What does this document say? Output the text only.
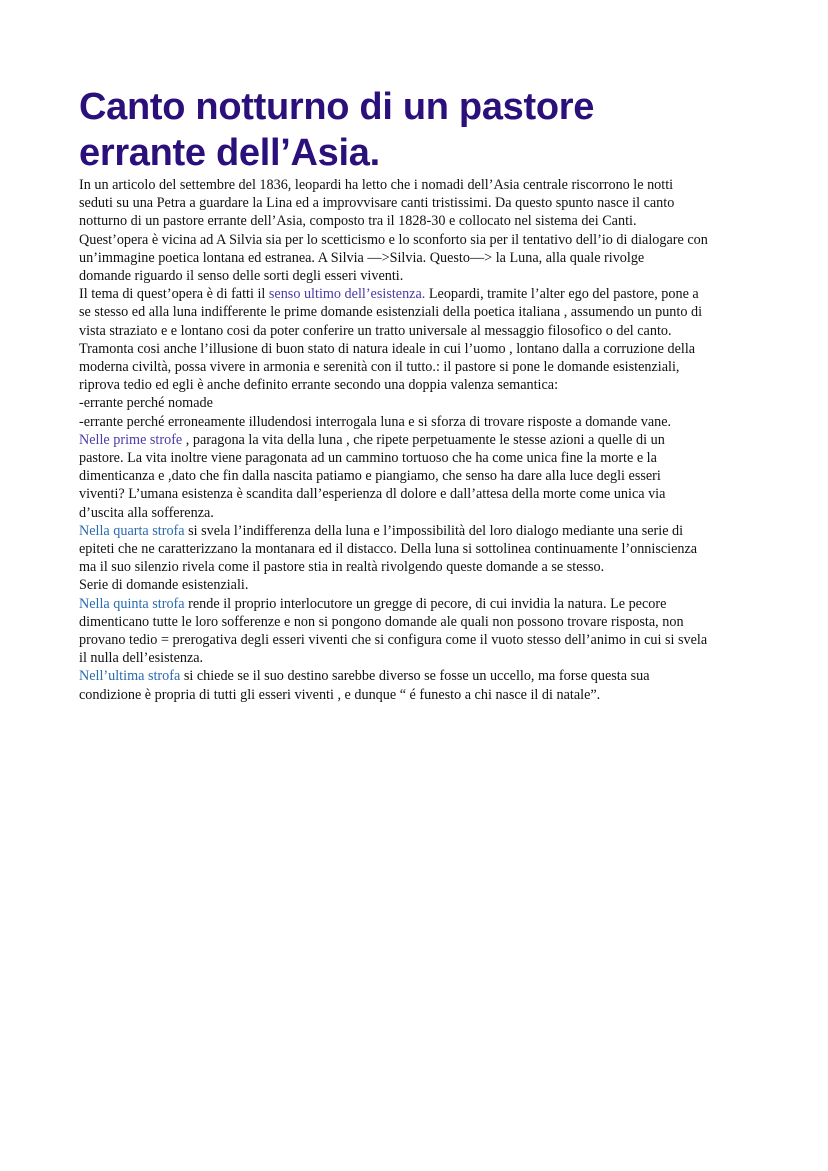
Canto notturno di un pastore
errante dell’Asia.
In un articolo del settembre del 1836, leopardi ha letto che i nomadi dell’Asia centrale riscorrono le notti
seduti su una Petra a guardare la Lina ed a improvvisare canti tristissimi. Da questo spunto nasce il canto
notturno di un pastore errante dell’Asia, composto tra il 1828-30 e collocato nel sistema dei Canti.
Quest’opera è vicina ad A Silvia sia per lo scetticismo e lo sconforto sia per il tentativo dell’io di dialogare con
un’immagine poetica lontana ed estranea. A Silvia —>Silvia. Questo—> la Luna, alla quale rivolge
domande riguardo il senso delle sorti degli esseri viventi.
Il tema di quest’opera è di fatti il senso ultimo dell’esistenza. Leopardi, tramite l’alter ego del pastore, pone a
se stesso ed alla luna indifferente le prime domande esistenziali della poetica italiana , assumendo un punto di
vista straziato e e lontano cosi da poter conferire un tratto universale al messaggio filosofico o del canto.
Tramonta cosi anche l’illusione di buon stato di natura ideale in cui l’uomo , lontano dalla a corruzione della
moderna civiltà, possa vivere in armonia e serenità con il tutto.: il pastore si pone le domande esistenziali,
riprova tedio ed egli è anche definito errante secondo una doppia valenza semantica:
-errante perché nomade
-errante perché erroneamente illudendosi interrogala luna e si sforza di trovare risposte a domande vane.
Nelle prime strofe , paragona la vita della luna , che ripete perpetuamente le stesse azioni a quelle di un
pastore. La vita inoltre viene paragonata ad un cammino tortuoso che ha come unica fine la morte e la
dimenticanza e ,dato che fin dalla nascita patiamo e piangiamo, che senso ha dare alla luce degli esseri
viventi? L’umana esistenza è scandita dall’esperienza dl dolore e dall’attesa della morte come unica via
d’uscita alla sofferenza.
Nella quarta strofa si svela l’indifferenza della luna e l’impossibilità del loro dialogo mediante una serie di
epiteti che ne caratterizzano la montanara ed il distacco. Della luna si sottolinea continuamente l’onniscienza
ma il suo silenzio rivela come il pastore stia in realtà rivolgendo queste domande a se stesso.
Serie di domande esistenziali.
Nella quinta strofa rende il proprio interlocutore un gregge di pecore, di cui invidia la natura. Le pecore
dimenticano tutte le loro sofferenze e non si pongono domande ale quali non possono trovare risposta, non
provano tedio = prerogativa degli esseri viventi che si configura come il vuoto stesso dell’animo in cui si svela
il nulla dell’esistenza.
Nell’ultima strofa si chiede se il suo destino sarebbe diverso se fosse un uccello, ma forse questa sua
condizione è propria di tutti gli esseri viventi , e dunque “ é funesto a chi nasce il di natale”.
